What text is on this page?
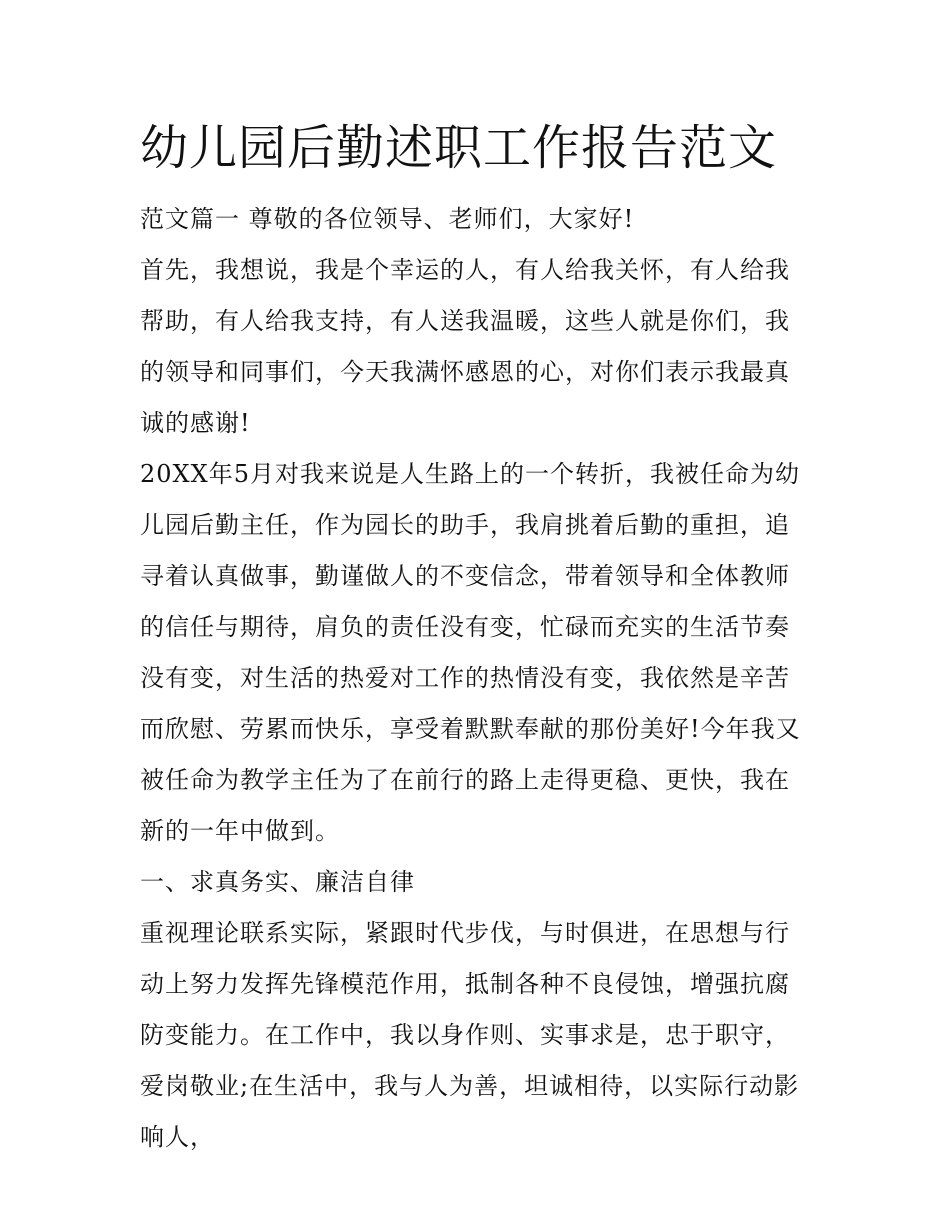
幼儿园后勤述职工作报告范文

范文篇一 尊敬的各位领导、老师们，大家好!

首先，我想说，我是个幸运的人，有人给我关怀，有人给我帮助，有人给我支持，有人送我温暖，这些人就是你们，我的领导和同事们，今天我满怀感恩的心，对你们表示我最真诚的感谢!

20XX年5月对我来说是人生路上的一个转折，我被任命为幼儿园后勤主任，作为园长的助手，我肩挑着后勤的重担，追寻着认真做事，勤谨做人的不变信念，带着领导和全体教师的信任与期待，肩负的责任没有变，忙碌而充实的生活节奏没有变，对生活的热爱对工作的热情没有变，我依然是辛苦而欣慰、劳累而快乐，享受着默默奉献的那份美好!今年我又被任命为教学主任为了在前行的路上走得更稳、更快，我在新的一年中做到。

一、求真务实、廉洁自律

重视理论联系实际，紧跟时代步伐，与时俱进，在思想与行动上努力发挥先锋模范作用，抵制各种不良侵蚀，增强抗腐防变能力。在工作中，我以身作则、实事求是，忠于职守，爱岗敬业;在生活中，我与人为善，坦诚相待，以实际行动影响人，
